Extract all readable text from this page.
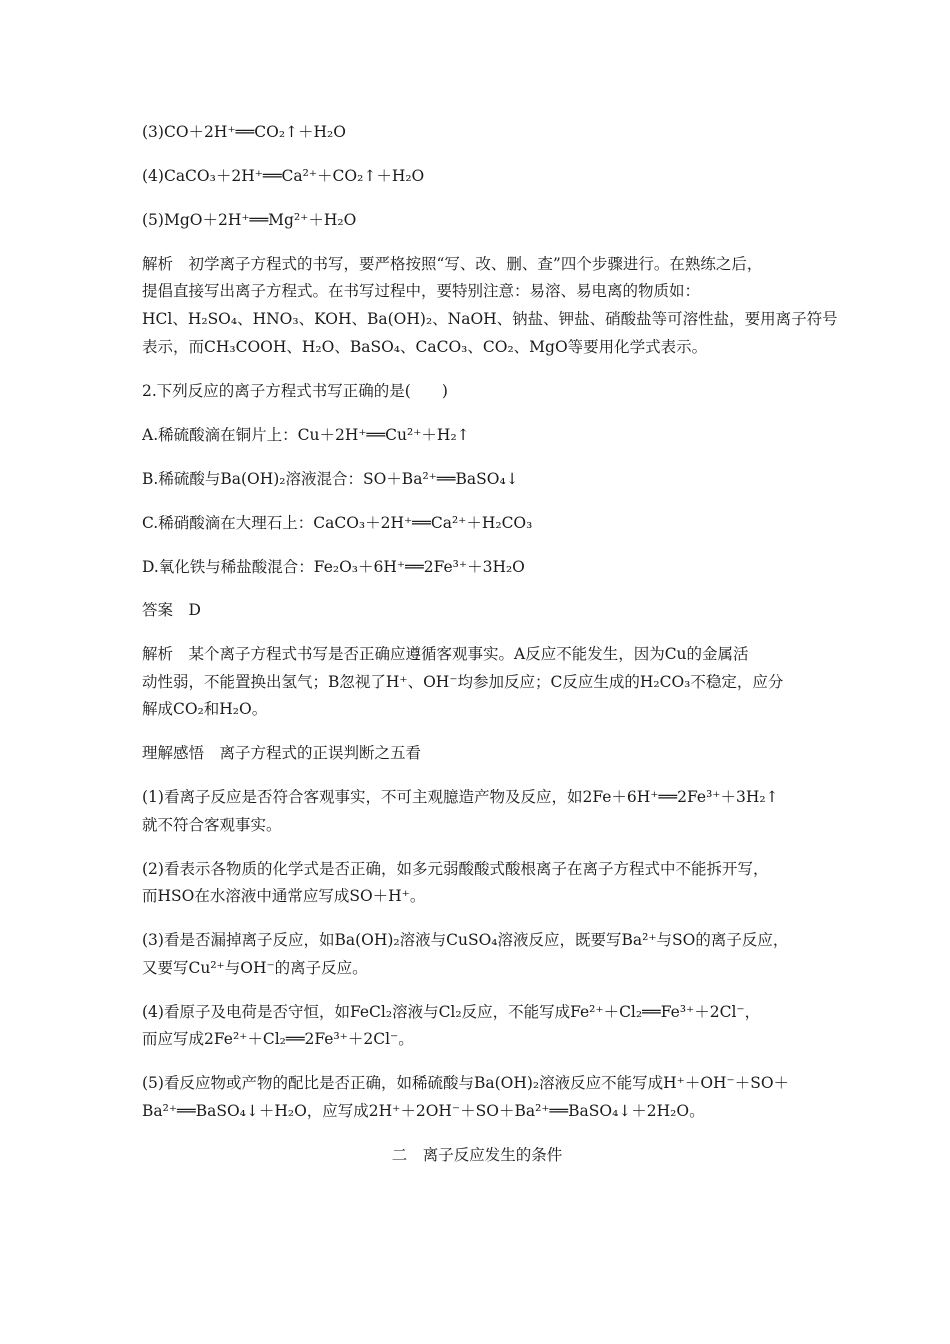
(3)CO＋2H⁺══CO₂↑＋H₂O
(4)CaCO₃＋2H⁺══Ca²⁺＋CO₂↑＋H₂O
(5)MgO＋2H⁺══Mg²⁺＋H₂O
解析　初学离子方程式的书写，要严格按照“写、改、删、查”四个步骤进行。在熟练之后，
提倡直接写出离子方程式。在书写过程中，要特别注意：易溶、易电离的物质如：
HCl、H₂SO₄、HNO₃、KOH、Ba(OH)₂、NaOH、钠盐、钾盐、硝酸盐等可溶性盐，要用离子符号
表示，而CH₃COOH、H₂O、BaSO₄、CaCO₃、CO₂、MgO等要用化学式表示。
2.下列反应的离子方程式书写正确的是(　　)
A.稀硫酸滴在铜片上：Cu＋2H⁺══Cu²⁺＋H₂↑
B.稀硫酸与Ba(OH)₂溶液混合：SO＋Ba²⁺══BaSO₄↓
C.稀硝酸滴在大理石上：CaCO₃＋2H⁺══Ca²⁺＋H₂CO₃
D.氧化铁与稀盐酸混合：Fe₂O₃＋6H⁺══2Fe³⁺＋3H₂O
答案　D
解析　某个离子方程式书写是否正确应遵循客观事实。A反应不能发生，因为Cu的金属活
动性弱，不能置换出氢气；B忽视了H⁺、OH⁻均参加反应；C反应生成的H₂CO₃不稳定，应分
解成CO₂和H₂O。
理解感悟　离子方程式的正误判断之五看
(1)看离子反应是否符合客观事实，不可主观臆造产物及反应，如2Fe＋6H⁺══2Fe³⁺＋3H₂↑
就不符合客观事实。
(2)看表示各物质的化学式是否正确，如多元弱酸酸式酸根离子在离子方程式中不能拆开写，
而HSO在水溶液中通常应写成SO＋H⁺。
(3)看是否漏掉离子反应，如Ba(OH)₂溶液与CuSO₄溶液反应，既要写Ba²⁺与SO的离子反应，
又要写Cu²⁺与OH⁻的离子反应。
(4)看原子及电荷是否守恒，如FeCl₂溶液与Cl₂反应，不能写成Fe²⁺＋Cl₂══Fe³⁺＋2Cl⁻，
而应写成2Fe²⁺＋Cl₂══2Fe³⁺＋2Cl⁻。
(5)看反应物或产物的配比是否正确，如稀硫酸与Ba(OH)₂溶液反应不能写成H⁺＋OH⁻＋SO＋
Ba²⁺══BaSO₄↓＋H₂O，应写成2H⁺＋2OH⁻＋SO＋Ba²⁺══BaSO₄↓＋2H₂O。
二　离子反应发生的条件
